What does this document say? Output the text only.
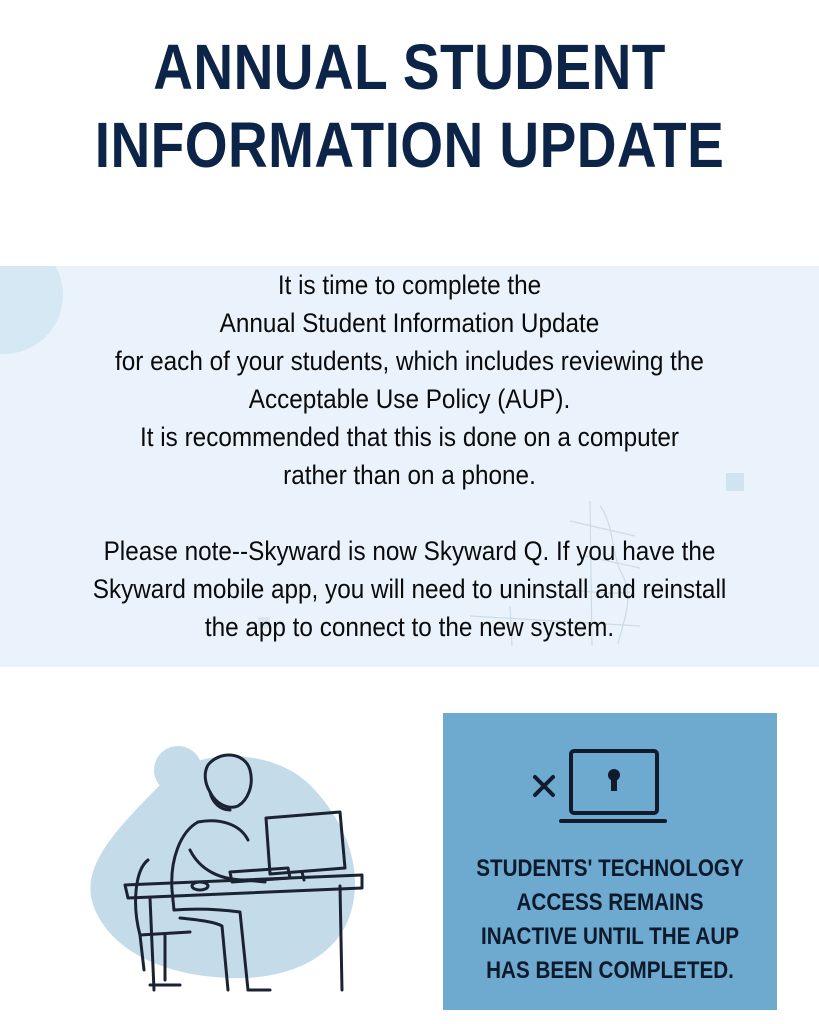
ANNUAL STUDENT
INFORMATION UPDATE

It is time to complete the

Annual Student Information Update

for each of your students, which includes reviewing the

Acceptable Use Policy (AUP).

It is recommended that this is done on a computer

rather than on a phone.

Please note--Skyward is now Skyward Q. If you have the

Skyward mobile app, you will need to uninstall and reinstall

the app to connect to the new system.

STUDENTS' TECHNOLOGY
ACCESS REMAINS
INACTIVE UNTIL THE AUP
HAS BEEN COMPLETED.
